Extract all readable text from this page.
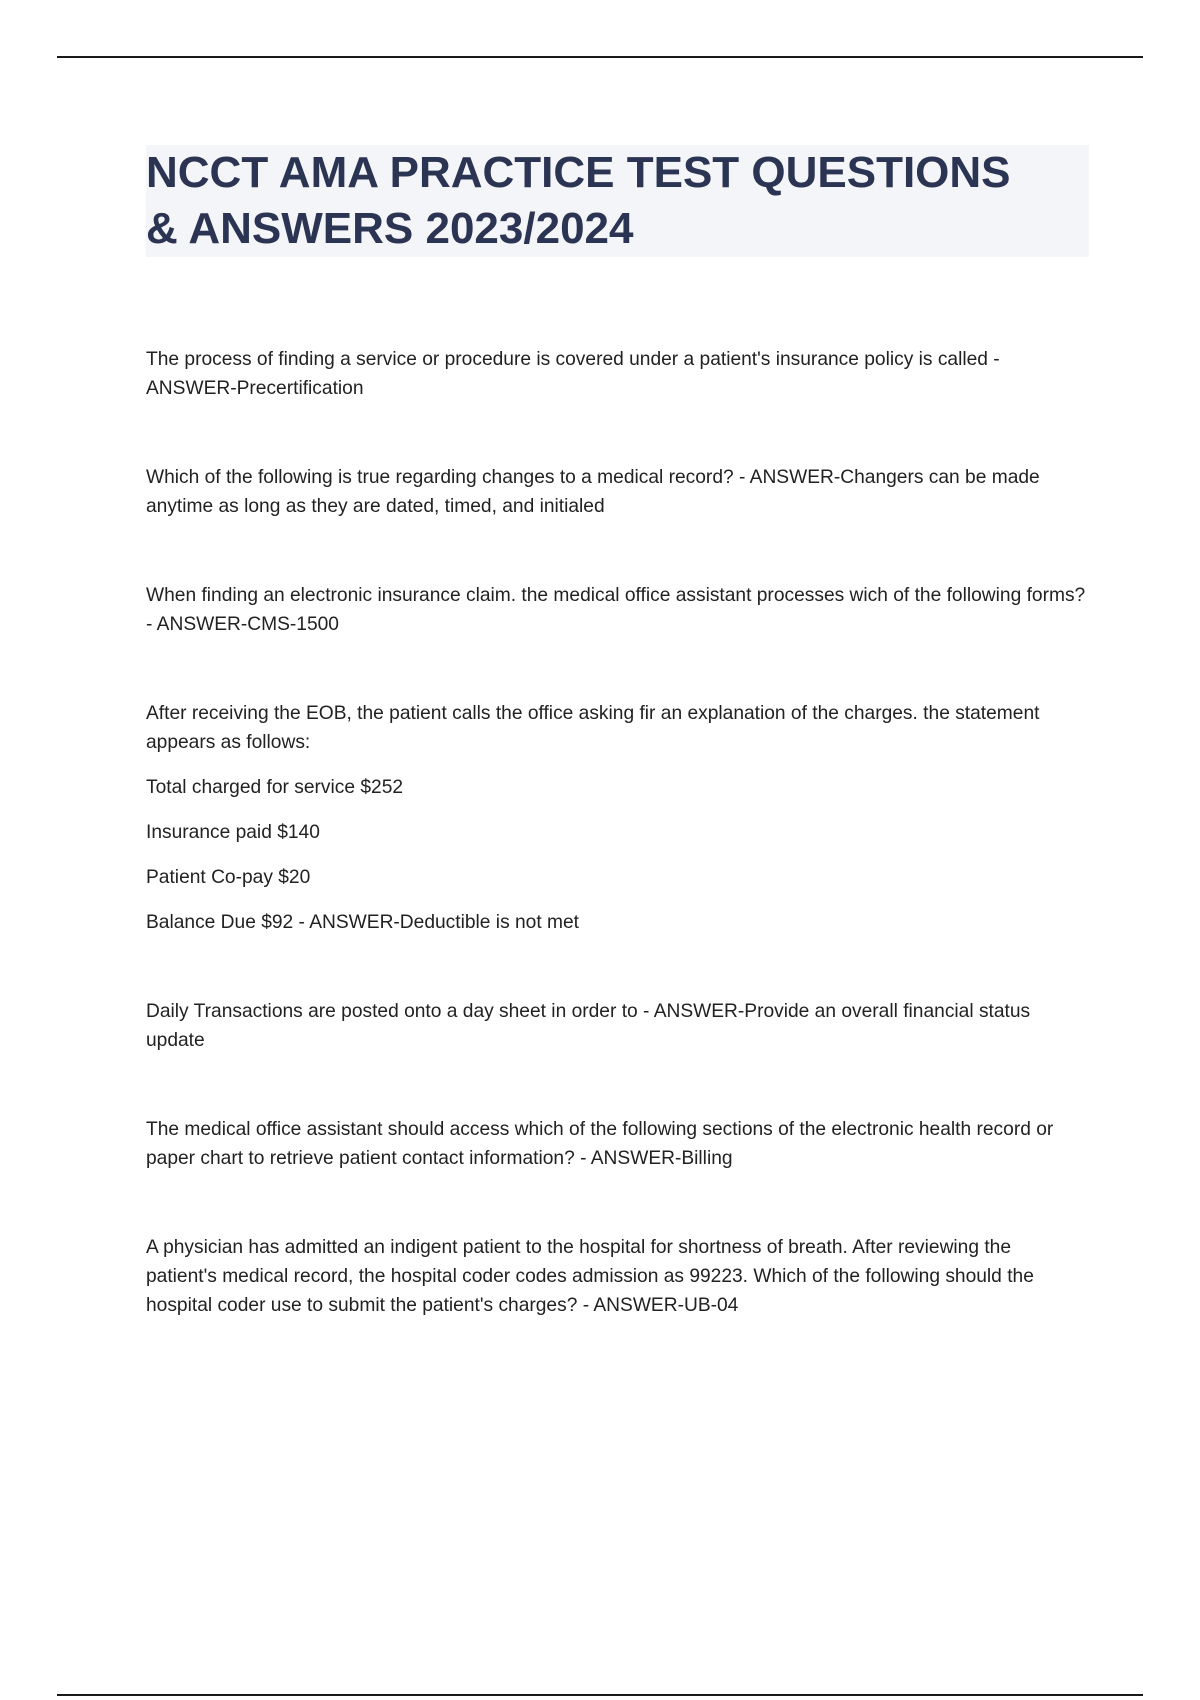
NCCT AMA PRACTICE TEST QUESTIONS & ANSWERS 2023/2024

The process of finding a service or procedure is covered under a patient's insurance policy is called - ANSWER-Precertification

Which of the following is true regarding changes to a medical record? - ANSWER-Changers can be made anytime as long as they are dated, timed, and initialed

When finding an electronic insurance claim. the medical office assistant processes wich of the following forms? - ANSWER-CMS-1500

After receiving the EOB, the patient calls the office asking fir an explanation of the charges. the statement appears as follows:

Total charged for service $252

Insurance paid $140

Patient Co-pay $20

Balance Due $92 - ANSWER-Deductible is not met

Daily Transactions are posted onto a day sheet in order to - ANSWER-Provide an overall financial status update

The medical office assistant should access which of the following sections of the electronic health record or paper chart to retrieve patient contact information? - ANSWER-Billing

A physician has admitted an indigent patient to the hospital for shortness of breath. After reviewing the patient's medical record, the hospital coder codes admission as 99223. Which of the following should the hospital coder use to submit the patient's charges? - ANSWER-UB-04
